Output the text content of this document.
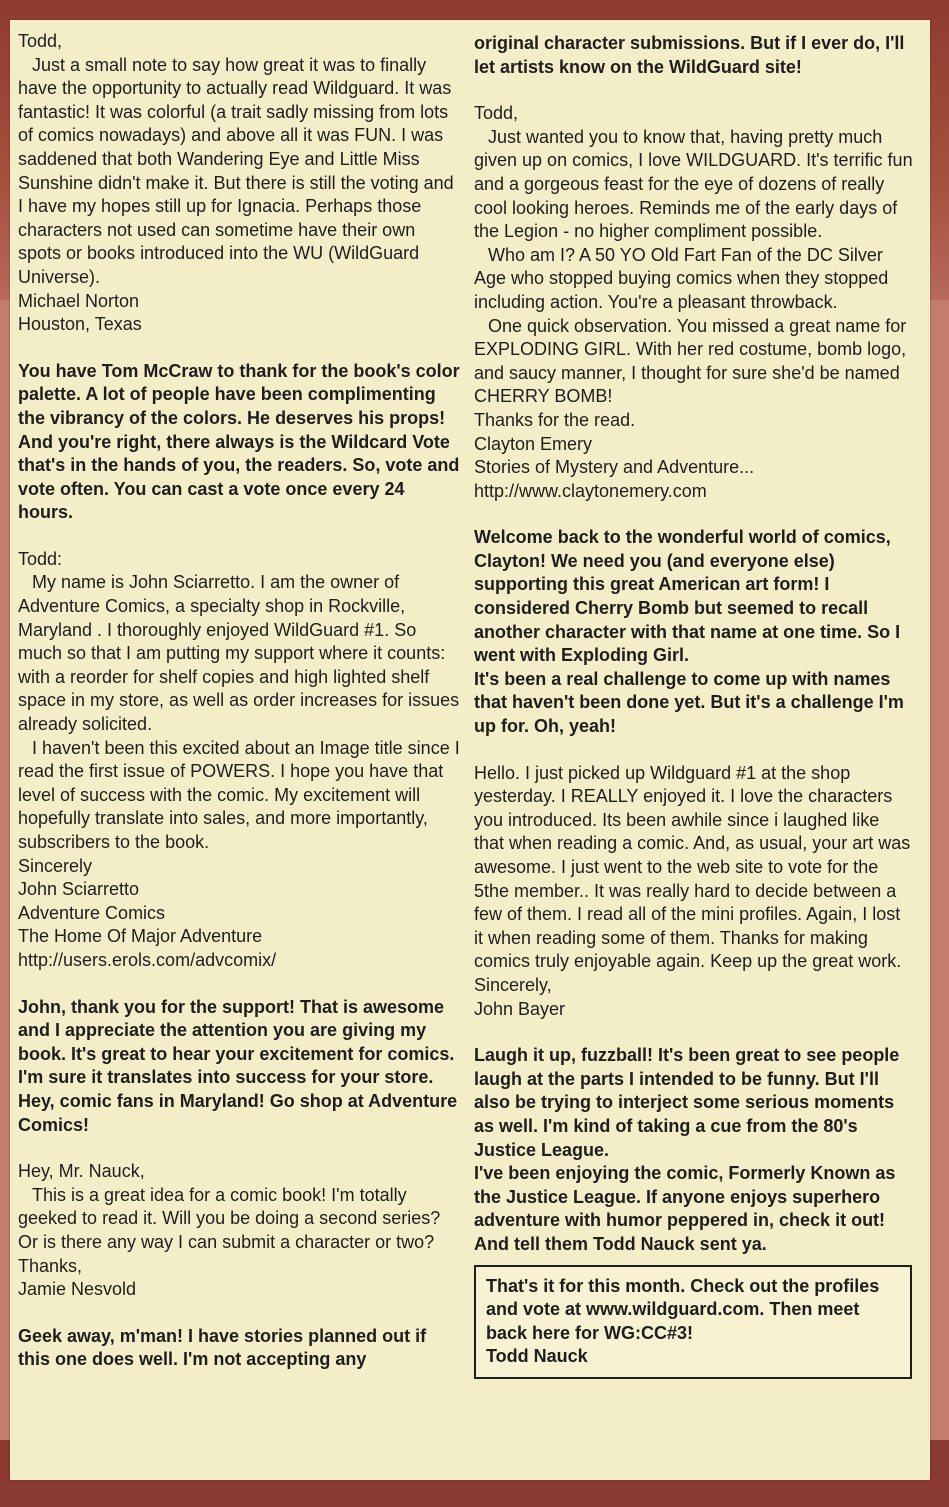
Todd,

Just a small note to say how great it was to finally have the opportunity to actually read Wildguard. It was fantastic! It was colorful (a trait sadly missing from lots of comics nowadays) and above all it was FUN. I was saddened that both Wandering Eye and Little Miss Sunshine didn't make it. But there is still the voting and I have my hopes still up for Ignacia. Perhaps those characters not used can sometime have their own spots or books introduced into the WU (WildGuard Universe).

Michael Norton

Houston, Texas

You have Tom McCraw to thank for the book's color palette. A lot of people have been complimenting the vibrancy of the colors. He deserves his props! And you're right, there always is the Wildcard Vote that's in the hands of you, the readers. So, vote and vote often. You can cast a vote once every 24 hours.

Todd:

My name is John Sciarretto. I am the owner of Adventure Comics, a specialty shop in Rockville, Maryland . I thoroughly enjoyed WildGuard #1. So much so that I am putting my support where it counts: with a reorder for shelf copies and high lighted shelf space in my store, as well as order increases for issues already solicited.

I haven't been this excited about an Image title since I read the first issue of POWERS. I hope you have that level of success with the comic. My excitement will hopefully translate into sales, and more importantly, subscribers to the book.

Sincerely

John Sciarretto

Adventure Comics

The Home Of Major Adventure

http://users.erols.com/advcomix/

John, thank you for the support! That is awesome and I appreciate the attention you are giving my book. It's great to hear your excitement for comics. I'm sure it translates into success for your store.

Hey, comic fans in Maryland! Go shop at Adventure Comics!

Hey, Mr. Nauck,

This is a great idea for a comic book! I'm totally geeked to read it. Will you be doing a second series? Or is there any way I can submit a character or two?

Thanks,

Jamie Nesvold

Geek away, m'man! I have stories planned out if this one does well. I'm not accepting any

original character submissions. But if I ever do, I'll let artists know on the WildGuard site!

Todd,

Just wanted you to know that, having pretty much given up on comics, I love WILDGUARD. It's terrific fun and a gorgeous feast for the eye of dozens of really cool looking heroes. Reminds me of the early days of the Legion - no higher compliment possible.

Who am I? A 50 YO Old Fart Fan of the DC Silver Age who stopped buying comics when they stopped including action. You're a pleasant throwback.

One quick observation. You missed a great name for EXPLODING GIRL. With her red costume, bomb logo, and saucy manner, I thought for sure she'd be named CHERRY BOMB!

Thanks for the read.

Clayton Emery

Stories of Mystery and Adventure...

http://www.claytonemery.com

Welcome back to the wonderful world of comics, Clayton! We need you (and everyone else) supporting this great American art form! I considered Cherry Bomb but seemed to recall another character with that name at one time. So I went with Exploding Girl.

It's been a real challenge to come up with names that haven't been done yet. But it's a challenge I'm up for. Oh, yeah!

Hello. I just picked up Wildguard #1 at the shop yesterday. I REALLY enjoyed it. I love the characters you introduced. Its been awhile since i laughed like that when reading a comic. And, as usual, your art was awesome. I just went to the web site to vote for the 5the member.. It was really hard to decide between a few of them. I read all of the mini profiles. Again, I lost it when reading some of them. Thanks for making comics truly enjoyable again. Keep up the great work.

Sincerely,

John Bayer

Laugh it up, fuzzball! It's been great to see people laugh at the parts I intended to be funny. But I'll also be trying to interject some serious moments as well. I'm kind of taking a cue from the 80's Justice League.

I've been enjoying the comic, Formerly Known as the Justice League. If anyone enjoys superhero adventure with humor peppered in, check it out! And tell them Todd Nauck sent ya.

That's it for this month. Check out the profiles and vote at www.wildguard.com. Then meet back here for WG:CC#3!

Todd Nauck
